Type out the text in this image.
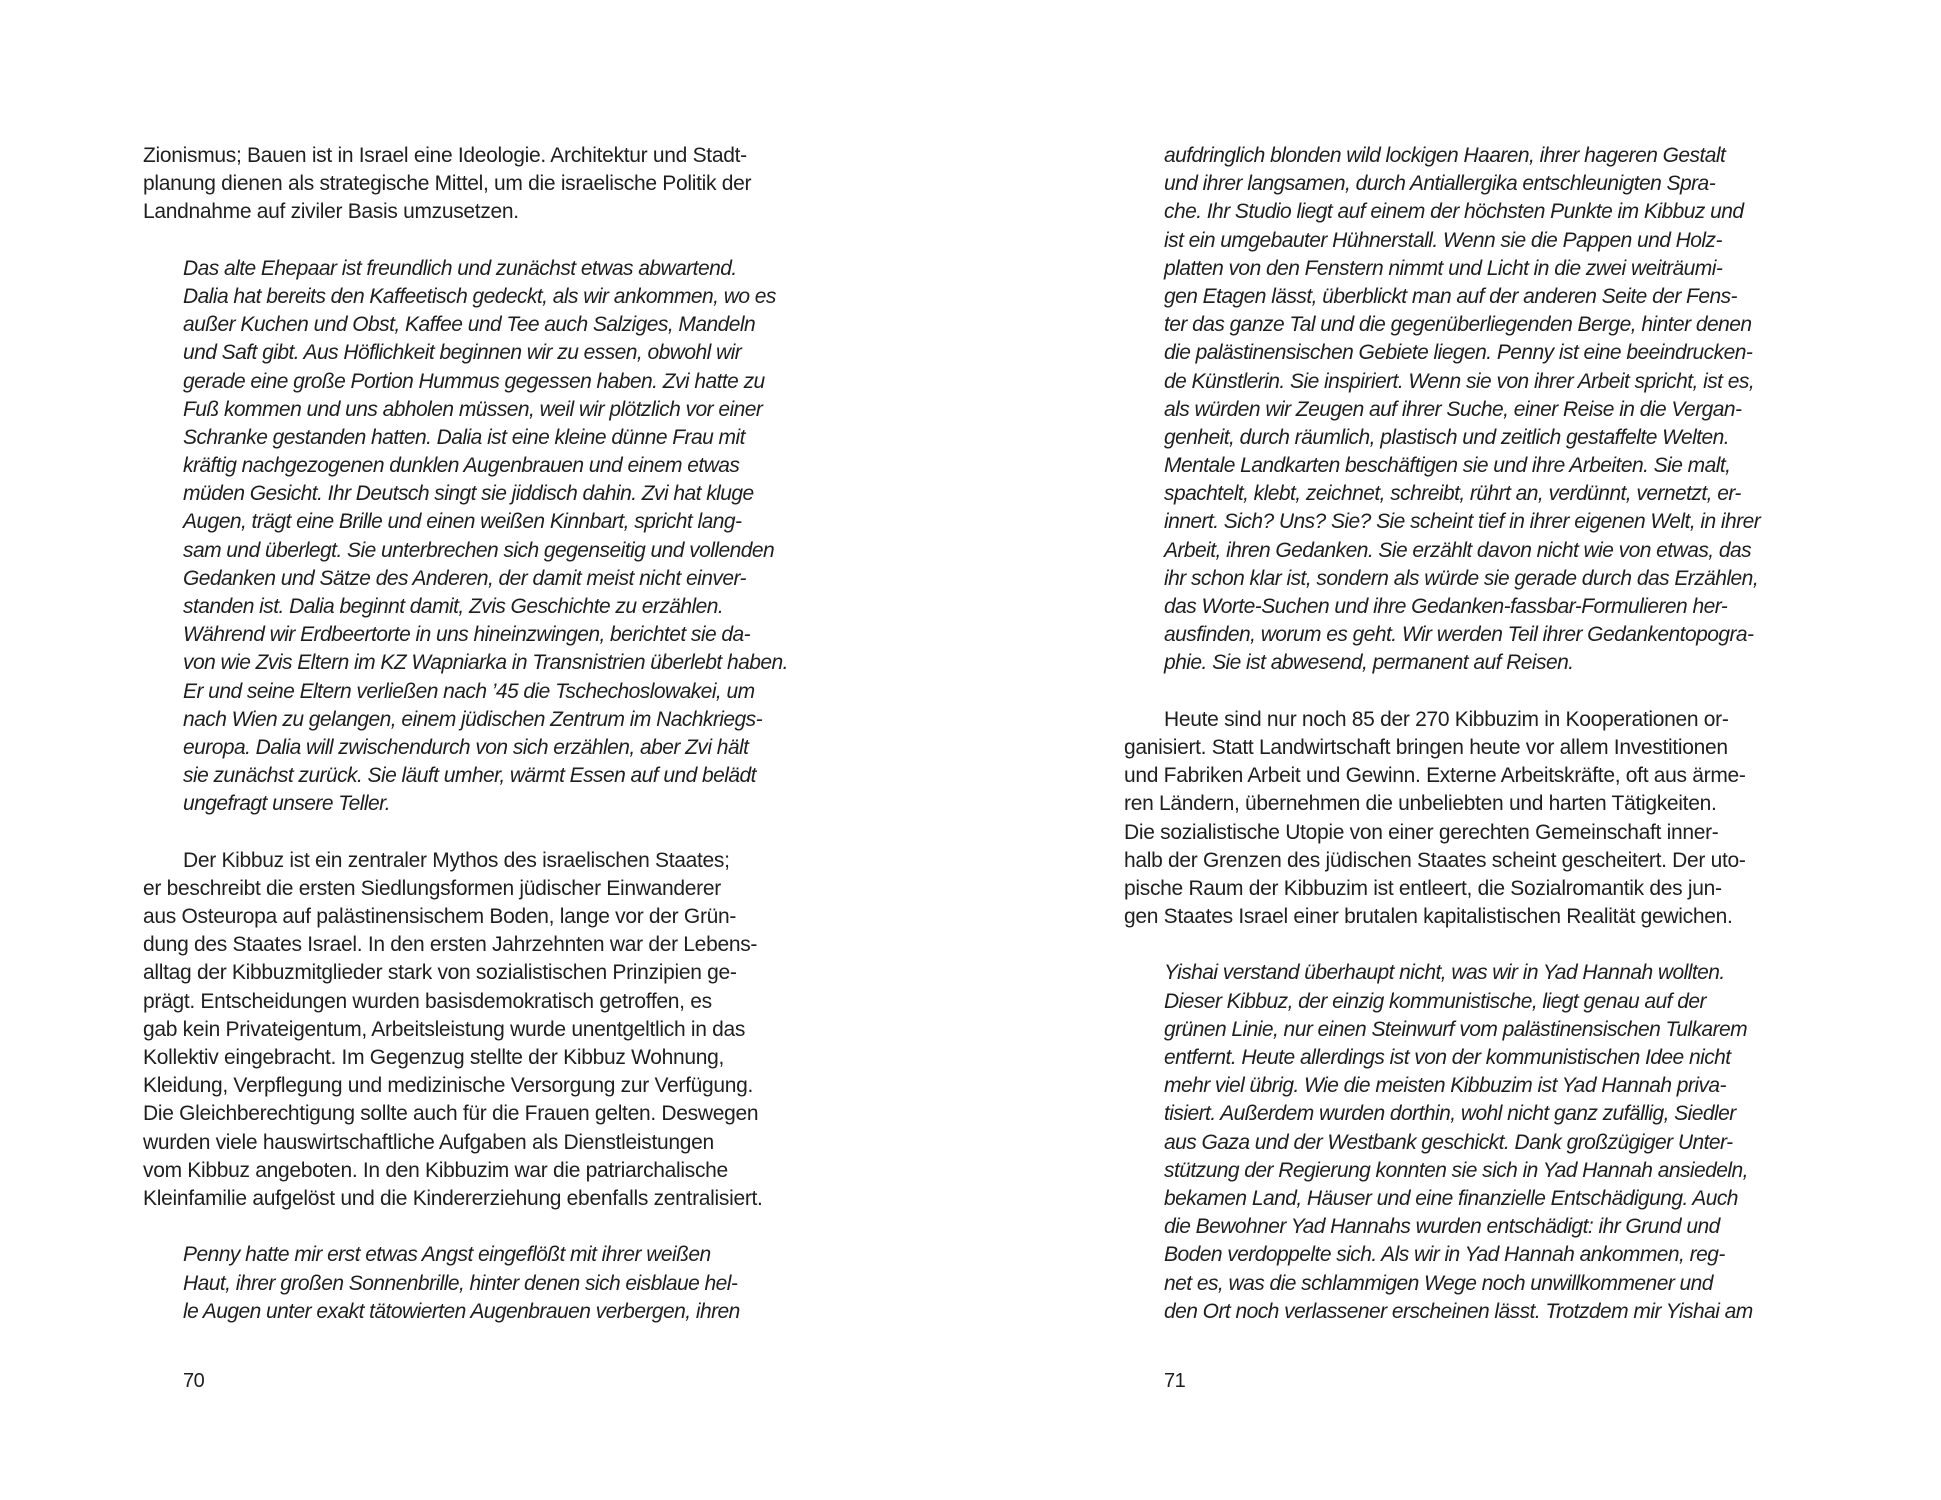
Zionismus; Bauen ist in Israel eine Ideologie. Architektur und Stadt-
planung dienen als strategische Mittel, um die israelische Politik der
Landnahme auf ziviler Basis umzusetzen.
Das alte Ehepaar ist freundlich und zunächst etwas abwartend.
Dalia hat bereits den Kaffeetisch gedeckt, als wir ankommen, wo es
außer Kuchen und Obst, Kaffee und Tee auch Salziges, Mandeln
und Saft gibt. Aus Höflichkeit beginnen wir zu essen, obwohl wir
gerade eine große Portion Hummus gegessen haben. Zvi hatte zu
Fuß kommen und uns abholen müssen, weil wir plötzlich vor einer
Schranke gestanden hatten. Dalia ist eine kleine dünne Frau mit
kräftig nachgezogenen dunklen Augenbrauen und einem etwas
müden Gesicht. Ihr Deutsch singt sie jiddisch dahin. Zvi hat kluge
Augen, trägt eine Brille und einen weißen Kinnbart, spricht lang-
sam und überlegt. Sie unterbrechen sich gegenseitig und vollenden
Gedanken und Sätze des Anderen, der damit meist nicht einver-
standen ist. Dalia beginnt damit, Zvis Geschichte zu erzählen.
Während wir Erdbeertorte in uns hineinzwingen, berichtet sie da-
von wie Zvis Eltern im KZ Wapniarka in Transnistrien überlebt haben.
Er und seine Eltern verließen nach ’45 die Tschechoslowakei, um
nach Wien zu gelangen, einem jüdischen Zentrum im Nachkriegs-
europa. Dalia will zwischendurch von sich erzählen, aber Zvi hält
sie zunächst zurück. Sie läuft umher, wärmt Essen auf und belädt
ungefragt unsere Teller.
Der Kibbuz ist ein zentraler Mythos des israelischen Staates;
er beschreibt die ersten Siedlungsformen jüdischer Einwanderer
aus Osteuropa auf palästinensischem Boden, lange vor der Grün-
dung des Staates Israel. In den ersten Jahrzehnten war der Lebens-
alltag der Kibbuzmitglieder stark von sozialistischen Prinzipien ge-
prägt. Entscheidungen wurden basisdemokratisch getroffen, es
gab kein Privateigentum, Arbeitsleistung wurde unentgeltlich in das
Kollektiv eingebracht. Im Gegenzug stellte der Kibbuz Wohnung,
Kleidung, Verpflegung und medizinische Versorgung zur Verfügung.
Die Gleichberechtigung sollte auch für die Frauen gelten. Deswegen
wurden viele hauswirtschaftliche Aufgaben als Dienstleistungen
vom Kibbuz angeboten. In den Kibbuzim war die patriarchalische
Kleinfamilie aufgelöst und die Kindererziehung ebenfalls zentralisiert.
Penny hatte mir erst etwas Angst eingeflößt mit ihrer weißen
Haut, ihrer großen Sonnenbrille, hinter denen sich eisblaue hel-
le Augen unter exakt tätowierten Augenbrauen verbergen, ihren
70
aufdringlich blonden wild lockigen Haaren, ihrer hageren Gestalt
und ihrer langsamen, durch Antiallergika entschleunigten Spra-
che. Ihr Studio liegt auf einem der höchsten Punkte im Kibbuz und
ist ein umgebauter Hühnerstall. Wenn sie die Pappen und Holz-
platten von den Fenstern nimmt und Licht in die zwei weiträumi-
gen Etagen lässt, überblickt man auf der anderen Seite der Fens-
ter das ganze Tal und die gegenüberliegenden Berge, hinter denen
die palästinensischen Gebiete liegen. Penny ist eine beeindrucken-
de Künstlerin. Sie inspiriert. Wenn sie von ihrer Arbeit spricht, ist es,
als würden wir Zeugen auf ihrer Suche, einer Reise in die Vergan-
genheit, durch räumlich, plastisch und zeitlich gestaffelte Welten.
Mentale Landkarten beschäftigen sie und ihre Arbeiten. Sie malt,
spachtelt, klebt, zeichnet, schreibt, rührt an, verdünnt, vernetzt, er-
innert. Sich? Uns? Sie? Sie scheint tief in ihrer eigenen Welt, in ihrer
Arbeit, ihren Gedanken. Sie erzählt davon nicht wie von etwas, das
ihr schon klar ist, sondern als würde sie gerade durch das Erzählen,
das Worte-Suchen und ihre Gedanken-fassbar-Formulieren her-
ausfinden, worum es geht. Wir werden Teil ihrer Gedankentopogra-
phie. Sie ist abwesend, permanent auf Reisen.
Heute sind nur noch 85 der 270 Kibbuzim in Kooperationen or-
ganisiert. Statt Landwirtschaft bringen heute vor allem Investitionen
und Fabriken Arbeit und Gewinn. Externe Arbeitskräfte, oft aus ärme-
ren Ländern, übernehmen die unbeliebten und harten Tätigkeiten.
Die sozialistische Utopie von einer gerechten Gemeinschaft inner-
halb der Grenzen des jüdischen Staates scheint gescheitert. Der uto-
pische Raum der Kibbuzim ist entleert, die Sozialromantik des jun-
gen Staates Israel einer brutalen kapitalistischen Realität gewichen.
Yishai verstand überhaupt nicht, was wir in Yad Hannah wollten.
Dieser Kibbuz, der einzig kommunistische, liegt genau auf der
grünen Linie, nur einen Steinwurf vom palästinensischen Tulkarem
entfernt. Heute allerdings ist von der kommunistischen Idee nicht
mehr viel übrig. Wie die meisten Kibbuzim ist Yad Hannah priva-
tisiert. Außerdem wurden dorthin, wohl nicht ganz zufällig, Siedler
aus Gaza und der Westbank geschickt. Dank großzügiger Unter-
stützung der Regierung konnten sie sich in Yad Hannah ansiedeln,
bekamen Land, Häuser und eine finanzielle Entschädigung. Auch
die Bewohner Yad Hannahs wurden entschädigt: ihr Grund und
Boden verdoppelte sich. Als wir in Yad Hannah ankommen, reg-
net es, was die schlammigen Wege noch unwillkommener und
den Ort noch verlassener erscheinen lässt. Trotzdem mir Yishai am
71
